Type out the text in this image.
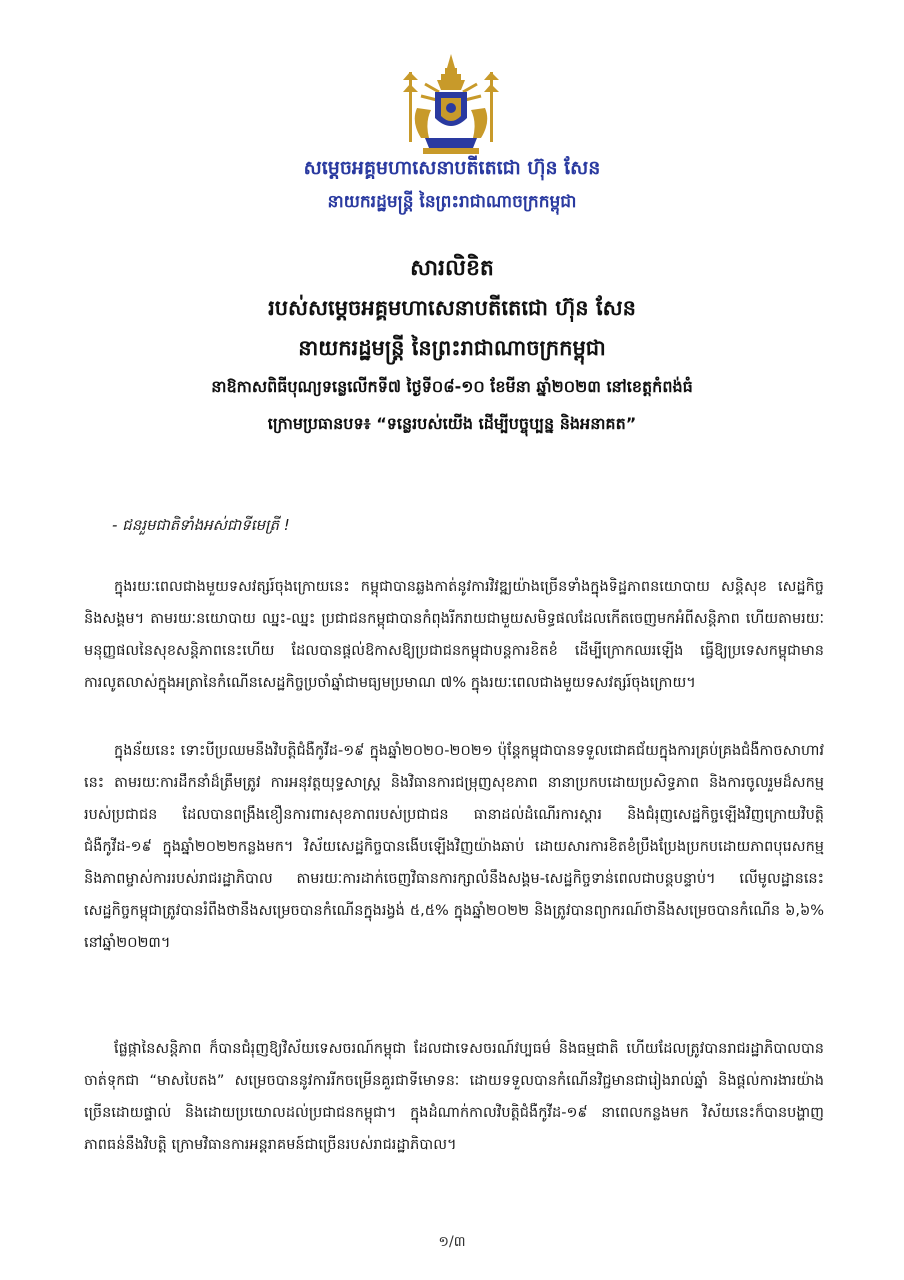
សម្តេចអគ្គមហាសេនាបតីតេជោ ហ៊ុន សែន
នាយករដ្ឋមន្ត្រី នៃព្រះរាជាណាចក្រកម្ពុជា
សារលិខិត
របស់សម្តេចអគ្គមហាសេនាបតីតេជោ ហ៊ុន សែន
នាយករដ្ឋមន្ត្រី នៃព្រះរាជាណាចក្រកម្ពុជា
នាឱកាសពិធីបុណ្យទន្លេលើកទី៧ ថ្ងៃទី០៨-១០ ខែមីនា ឆ្នាំ២០២៣ នៅខេត្តកំពង់ធំ
ក្រោមប្រធានបទ៖ “ទន្លេរបស់យើង ដើម្បីបច្ចុប្បន្ន និងអនាគត”
- ជនរួមជាតិទាំងអស់ជាទីមេត្រី !

ក្នុងរយៈពេលជាងមួយទសវត្សរ៍ចុងក្រោយនេះ កម្ពុជាបានឆ្លងកាត់នូវការវិវឌ្ឍយ៉ាងច្រើនទាំងក្នុងទិដ្ឋភាពនយោបាយ សន្តិសុខ សេដ្ឋកិច្ច និងសង្គម។ តាមរយៈនយោបាយ ឈ្នះ-ឈ្នះ ប្រជាជនកម្ពុជាបានកំពុងរីករាយជាមួយសមិទ្ធផលដែលកើតចេញមកអំពីសន្តិភាព ហើយតាមរយៈមនុញ្ញផលនៃសុខសន្តិភាពនេះហើយ ដែលបានផ្តល់ឱកាសឱ្យប្រជាជនកម្ពុជាបន្តការខិតខំ ដើម្បីក្រោកឈរឡើង ធ្វើឱ្យប្រទេសកម្ពុជាមានការលូតលាស់ក្នុងអត្រានៃកំណើនសេដ្ឋកិច្ចប្រចាំឆ្នាំជាមធ្យមប្រមាណ ៧% ក្នុងរយៈពេលជាងមួយទសវត្សរ៍ចុងក្រោយ។

ក្នុងន័យនេះ ទោះបីប្រឈមនឹងវិបត្តិជំងឺកូវីដ-១៩ ក្នុងឆ្នាំ២០២០-២០២១ ប៉ុន្តែកម្ពុជាបានទទួលជោគជ័យក្នុងការគ្រប់គ្រងជំងឺកាចសាហាវនេះ តាមរយៈការដឹកនាំដ៏ត្រឹមត្រូវ ការអនុវត្តយុទ្ធសាស្ត្រ និងវិធានការជម្រុញសុខភាព នានាប្រកបដោយប្រសិទ្ធភាព និងការចូលរួមដ៏សកម្មរបស់ប្រជាជន ដែលបានពង្រឹងខឿនការពារសុខភាពរបស់ប្រជាជន ធានាដល់ដំណើរការស្តារ និងជំរុញសេដ្ឋកិច្ចឡើងវិញក្រោយវិបត្តិជំងឺកូវីដ-១៩ ក្នុងឆ្នាំ២០២២កន្លងមក។ វិស័យសេដ្ឋកិច្ចបានងើបឡើងវិញយ៉ាងឆាប់ ដោយសារការខិតខំប្រឹងប្រែងប្រកបដោយភាពបុរេសកម្ម និងភាពម្ចាស់ការរបស់រាជរដ្ឋាភិបាល តាមរយៈការដាក់ចេញវិធានការក្សាលំនឹងសង្គម-សេដ្ឋកិច្ចទាន់ពេលជាបន្តបន្ទាប់។ លើមូលដ្ឋាននេះ សេដ្ឋកិច្ចកម្ពុជាត្រូវបានរំពឹងថានឹងសម្រេចបានកំណើនក្នុងរង្វង់ ៥,៥% ក្នុងឆ្នាំ២០២២ និងត្រូវបានព្យាករណ៍ថានឹងសម្រេចបានកំណើន ៦,៦% នៅឆ្នាំ២០២៣។

ផ្លែផ្កានៃសន្តិភាព ក៏បានជំរុញឱ្យវិស័យទេសចរណ៍កម្ពុជា ដែលជាទេសចរណ៍វប្បធម៌ និងធម្មជាតិ ហើយដែលត្រូវបានរាជរដ្ឋាភិបាលបានចាត់ទុកជា “មាសបៃតង” សម្រេចបាននូវការរីកចម្រើនគួរជាទីមោទនៈ ដោយទទួលបានកំណើនវិជ្ជមានជារៀងរាល់ឆ្នាំ និងផ្តល់ការងារយ៉ាងច្រើនដោយផ្ទាល់ និងដោយប្រយោលដល់ប្រជាជនកម្ពុជា។ ក្នុងដំណាក់កាលវិបត្តិជំងឺកូវីដ-១៩ នាពេលកន្លងមក វិស័យនេះក៏បានបង្ហាញភាពធន់នឹងវិបត្តិ ក្រោមវិធានការអន្តរាគមន៍ជាច្រើនរបស់រាជរដ្ឋាភិបាល។

១/៣
